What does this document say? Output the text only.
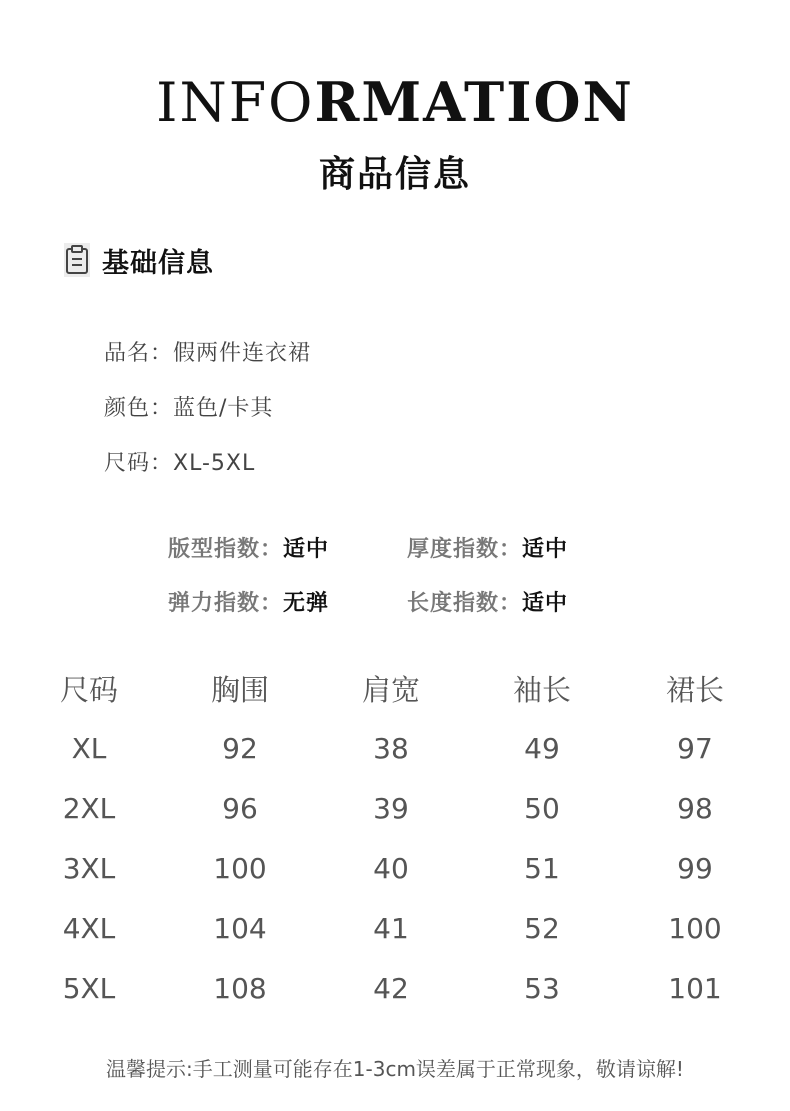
INFORMATION
商品信息
基础信息
品名：假两件连衣裙
颜色：蓝色/卡其
尺码：XL-5XL
版型指数：适中	厚度指数：适中
弹力指数：无弹	长度指数：适中
尺码	胸围	肩宽	袖长	裙长
XL	92	38	49	97
2XL	96	39	50	98
3XL	100	40	51	99
4XL	104	41	52	100
5XL	108	42	53	101
温馨提示:手工测量可能存在1-3cm误差属于正常现象，敬请谅解!
